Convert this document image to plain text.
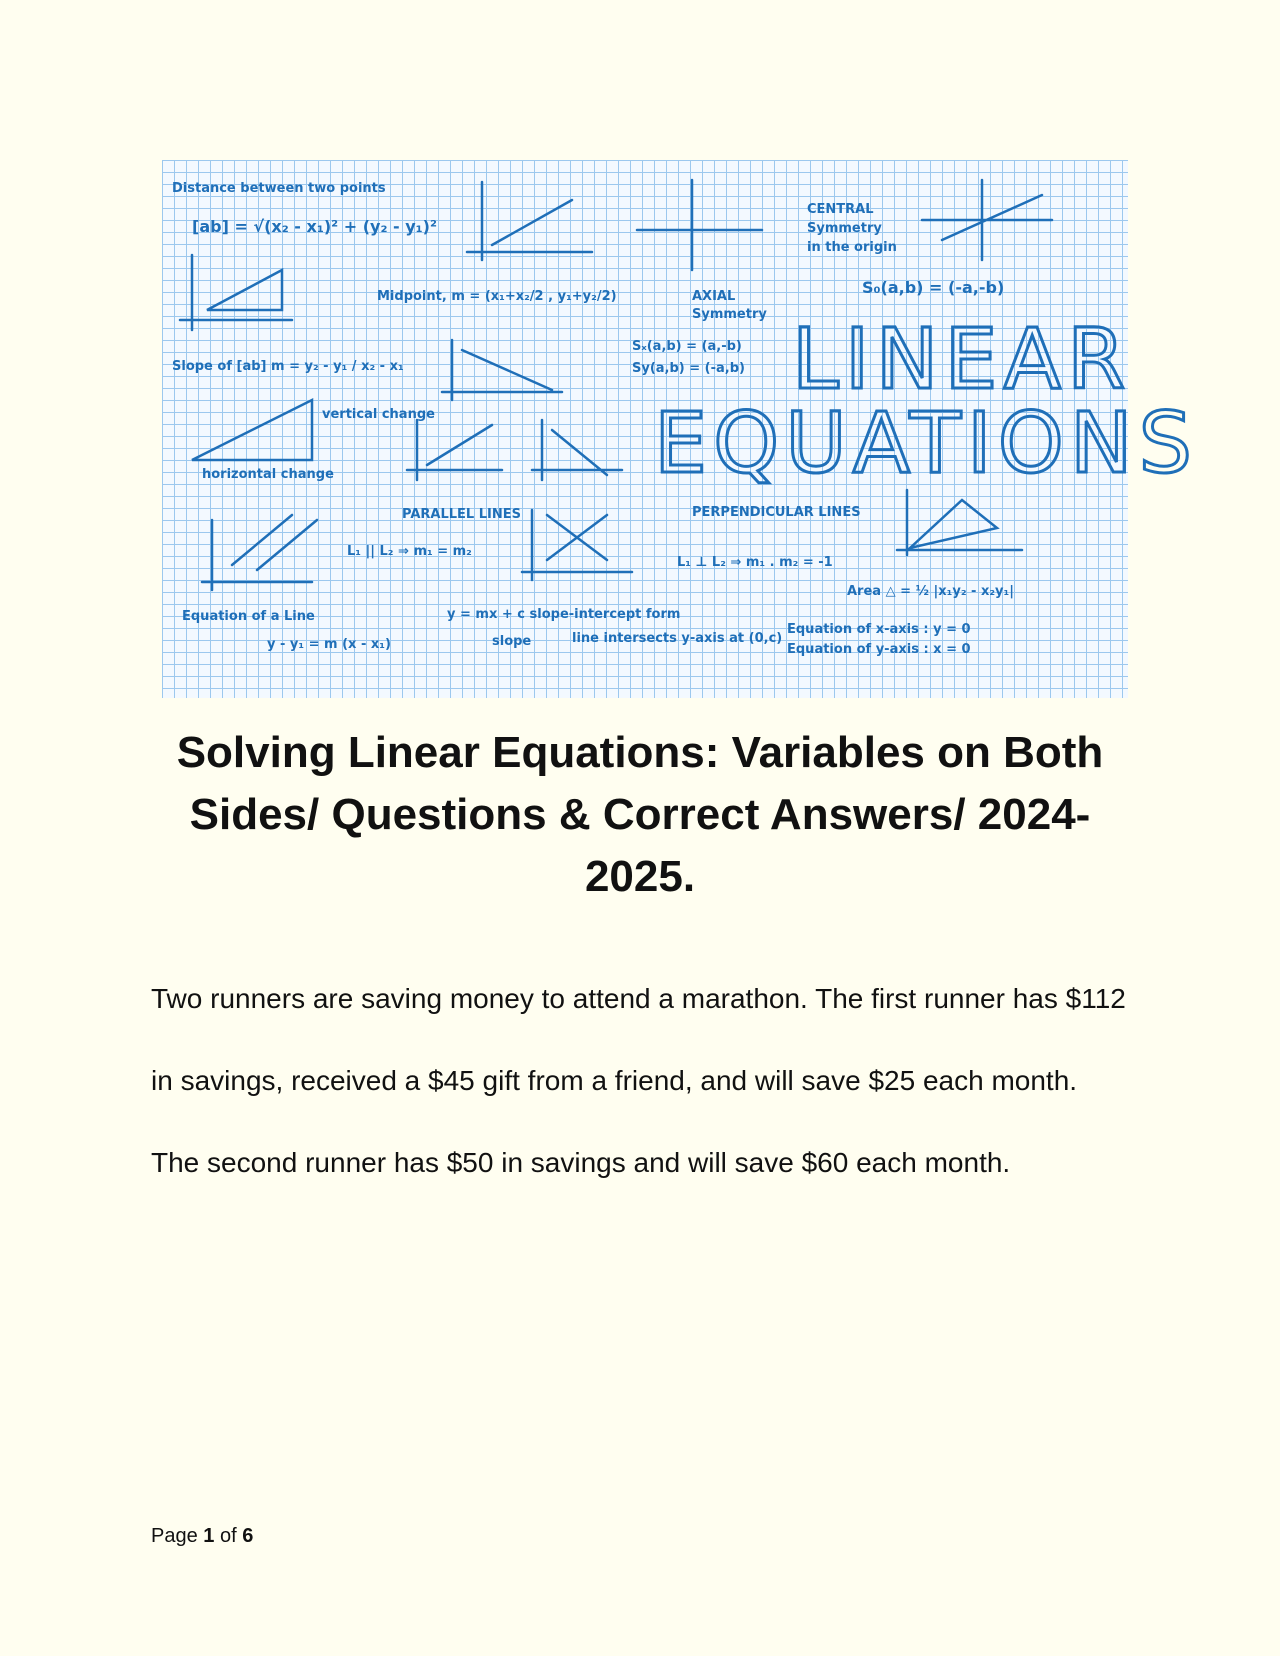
Distance between two points
[ab] = √(x₂ - x₁)² + (y₂ - y₁)²
Midpoint, m = (x₁+x₂/2 , y₁+y₂/2)
CENTRAL
Symmetry
in the origin
S₀(a,b) = (-a,-b)
AXIAL
Symmetry
Sₓ(a,b) = (a,-b)
Sy(a,b) = (-a,b)
Slope of [ab] m = y₂ - y₁ / x₂ - x₁
vertical change
horizontal change
LINEAR
EQUATIONS
PARALLEL LINES
L₁ || L₂ ⇒ m₁ = m₂
PERPENDICULAR LINES
L₁ ⊥ L₂ ⇒ m₁ . m₂ = -1
Area △ = ½ |x₁y₂ - x₂y₁|
Equation of a Line
y - y₁ = m (x - x₁)
y = mx + c slope-intercept form
slope	line intersects y-axis at (0,c)
Equation of x-axis : y = 0
Equation of y-axis : x = 0
Solving Linear Equations: Variables on Both Sides/ Questions & Correct Answers/ 2024-2025.
Two runners are saving money to attend a marathon. The first runner has $112 in savings, received a $45 gift from a friend, and will save $25 each month. The second runner has $50 in savings and will save $60 each month.
Page 1 of 6
